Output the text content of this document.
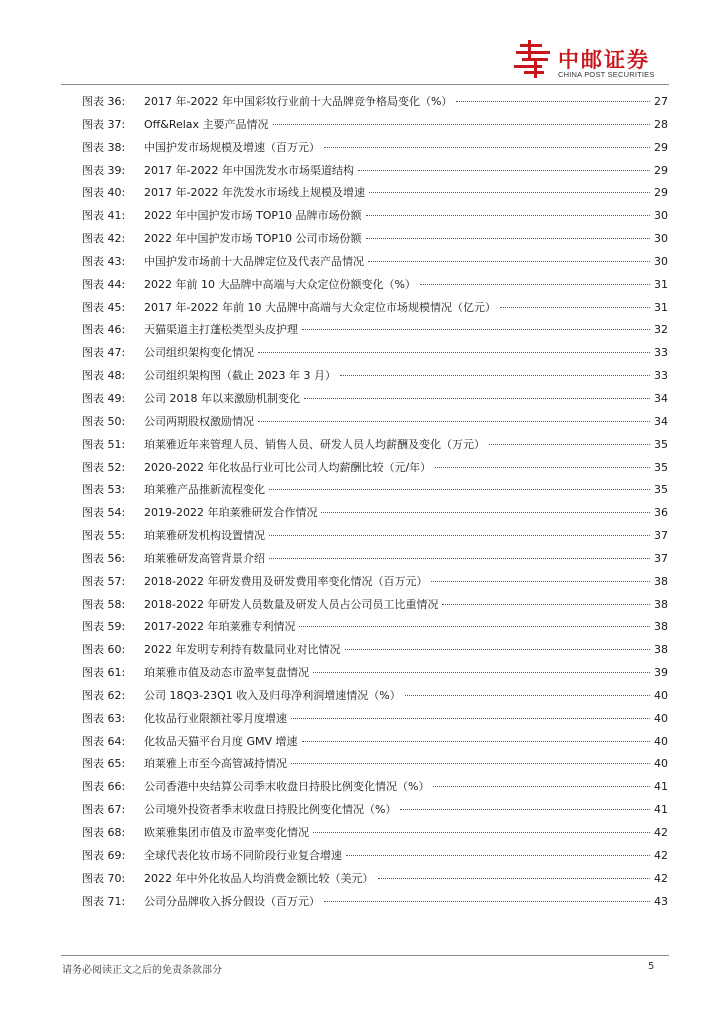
中邮证券
CHINA POST SECURITIES
图表 36:	2017 年-2022 年中国彩妆行业前十大品牌竞争格局变化（%）	27
图表 37:	Off&Relax 主要产品情况	28
图表 38:	中国护发市场规模及增速（百万元）	29
图表 39:	2017 年-2022 年中国洗发水市场渠道结构	29
图表 40:	2017 年-2022 年洗发水市场线上规模及增速	29
图表 41:	2022 年中国护发市场 TOP10 品牌市场份额	30
图表 42:	2022 年中国护发市场 TOP10 公司市场份额	30
图表 43:	中国护发市场前十大品牌定位及代表产品情况	30
图表 44:	2022 年前 10 大品牌中高端与大众定位份额变化（%）	31
图表 45:	2017 年-2022 年前 10 大品牌中高端与大众定位市场规模情况（亿元）	31
图表 46:	天猫渠道主打蓬松类型头皮护理	32
图表 47:	公司组织架构变化情况	33
图表 48:	公司组织架构图（截止 2023 年 3 月）	33
图表 49:	公司 2018 年以来激励机制变化	34
图表 50:	公司两期股权激励情况	34
图表 51:	珀莱雅近年来管理人员、销售人员、研发人员人均薪酬及变化（万元）	35
图表 52:	2020-2022 年化妆品行业可比公司人均薪酬比较（元/年）	35
图表 53:	珀莱雅产品推新流程变化	35
图表 54:	2019-2022 年珀莱雅研发合作情况	36
图表 55:	珀莱雅研发机构设置情况	37
图表 56:	珀莱雅研发高管背景介绍	37
图表 57:	2018-2022 年研发费用及研发费用率变化情况（百万元）	38
图表 58:	2018-2022 年研发人员数量及研发人员占公司员工比重情况	38
图表 59:	2017-2022 年珀莱雅专利情况	38
图表 60:	2022 年发明专利持有数量同业对比情况	38
图表 61:	珀莱雅市值及动态市盈率复盘情况	39
图表 62:	公司 18Q3-23Q1 收入及归母净利润增速情况（%）	40
图表 63:	化妆品行业限额社零月度增速	40
图表 64:	化妆品天猫平台月度 GMV 增速	40
图表 65:	珀莱雅上市至今高管减持情况	40
图表 66:	公司香港中央结算公司季末收盘日持股比例变化情况（%）	41
图表 67:	公司境外投资者季末收盘日持股比例变化情况（%）	41
图表 68:	欧莱雅集团市值及市盈率变化情况	42
图表 69:	全球代表化妆市场不同阶段行业复合增速	42
图表 70:	2022 年中外化妆品人均消费金额比较（美元）	42
图表 71:	公司分品牌收入拆分假设（百万元）	43
请务必阅读正文之后的免责条款部分	5
